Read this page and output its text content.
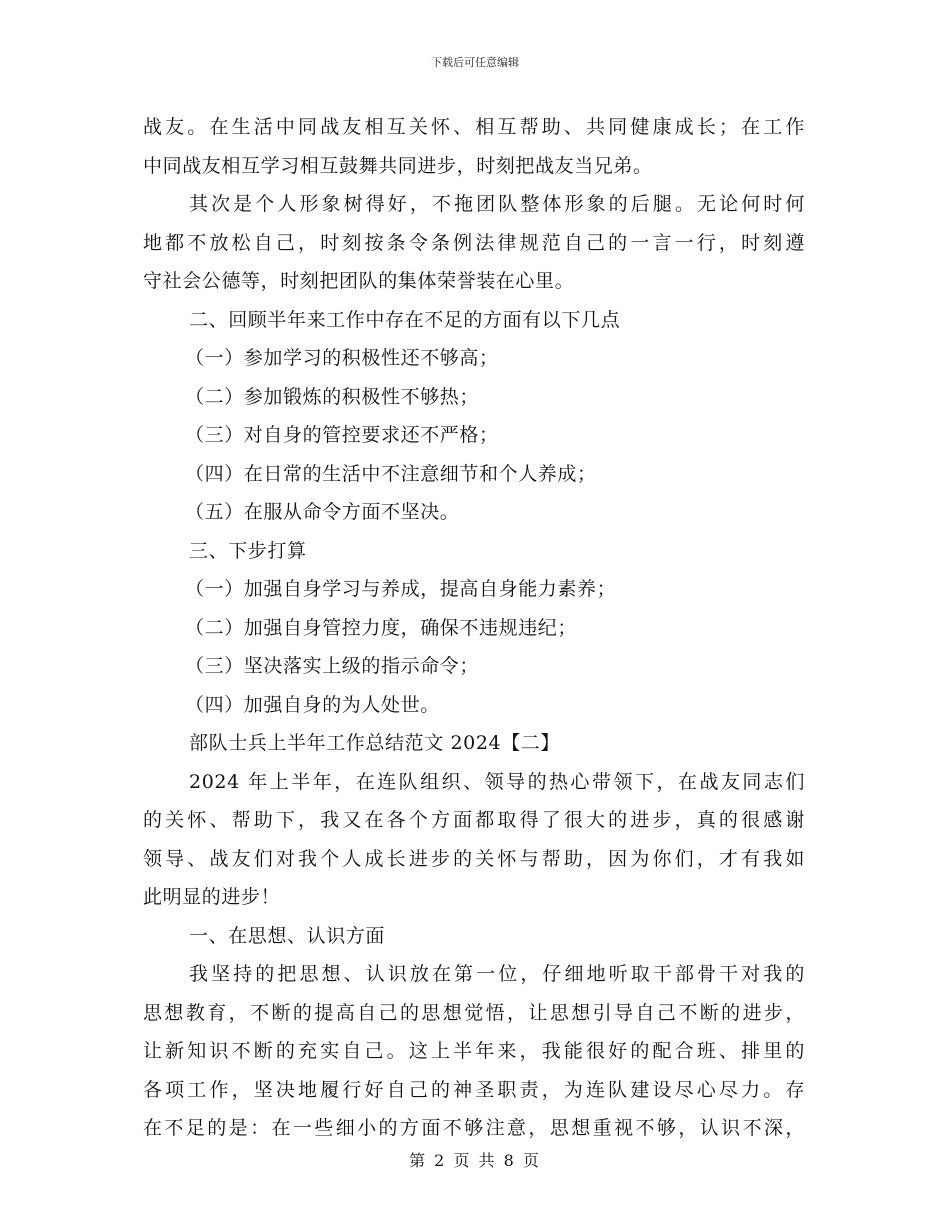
下载后可任意编辑
战友。在生活中同战友相互关怀、相互帮助、共同健康成长；在工作
中同战友相互学习相互鼓舞共同进步，时刻把战友当兄弟。
其次是个人形象树得好，不拖团队整体形象的后腿。无论何时何
地都不放松自己，时刻按条令条例法律规范自己的一言一行，时刻遵
守社会公德等，时刻把团队的集体荣誉装在心里。
二、回顾半年来工作中存在不足的方面有以下几点
（一）参加学习的积极性还不够高；
（二）参加锻炼的积极性不够热；
（三）对自身的管控要求还不严格；
（四）在日常的生活中不注意细节和个人养成；
（五）在服从命令方面不坚决。
三、下步打算
（一）加强自身学习与养成，提高自身能力素养；
（二）加强自身管控力度，确保不违规违纪；
（三）坚决落实上级的指示命令；
（四）加强自身的为人处世。
部队士兵上半年工作总结范文 2024【二】
2024 年上半年，在连队组织、领导的热心带领下，在战友同志们
的关怀、帮助下，我又在各个方面都取得了很大的进步，真的很感谢
领导、战友们对我个人成长进步的关怀与帮助，因为你们，才有我如
此明显的进步！
一、在思想、认识方面
我坚持的把思想、认识放在第一位，仔细地听取干部骨干对我的
思想教育，不断的提高自己的思想觉悟，让思想引导自己不断的进步，
让新知识不断的充实自己。这上半年来，我能很好的配合班、排里的
各项工作，坚决地履行好自己的神圣职责，为连队建设尽心尽力。存
在不足的是：在一些细小的方面不够注意，思想重视不够，认识不深，
第 2 页 共 8 页
